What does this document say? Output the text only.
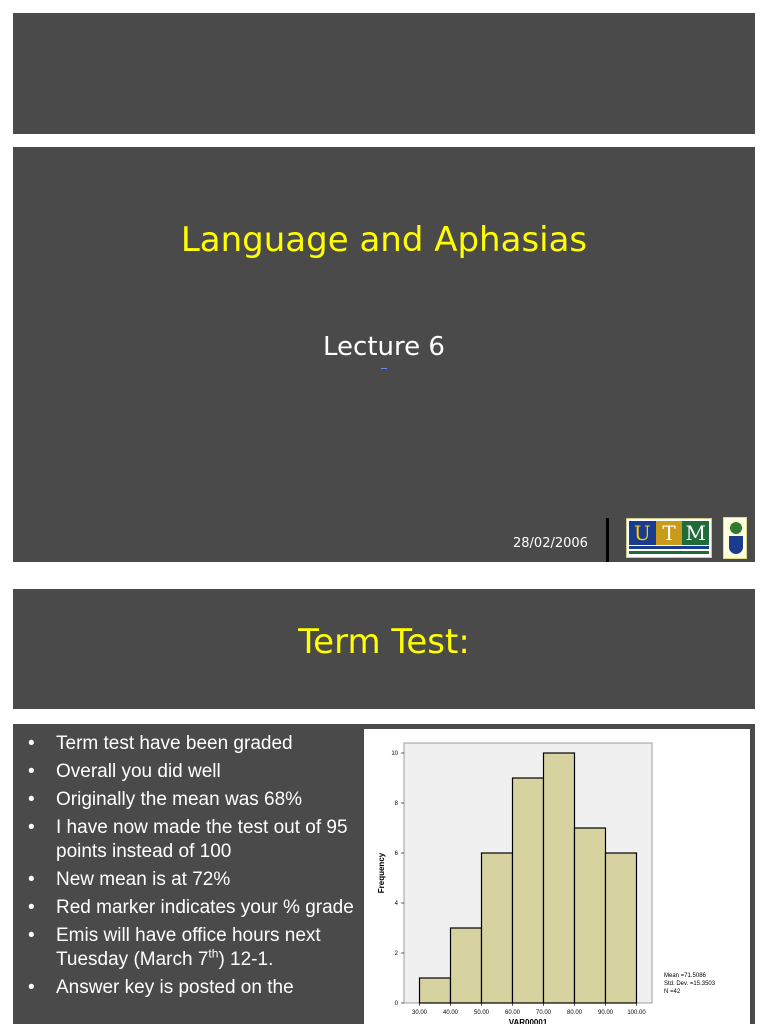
Language and Aphasias
Lecture 6
28/02/2006 U T M
Term Test:
• Term test have been graded
• Overall you did well
• Originally the mean was 68%
• I have now made the test out of 95 points instead of 100
• New mean is at 72%
• Red marker indicates your % grade
• Emis will have office hours next Tuesday (March 7th) 12-1.
• Answer key is posted on the
0
2
4
6
8
10
30.00	40.00	50.00	60.00	70.00	80.00	90.00 100.00
VAR00001
Frequency
Mean =71.5086
Std. Dev. =15.3503
N =42
